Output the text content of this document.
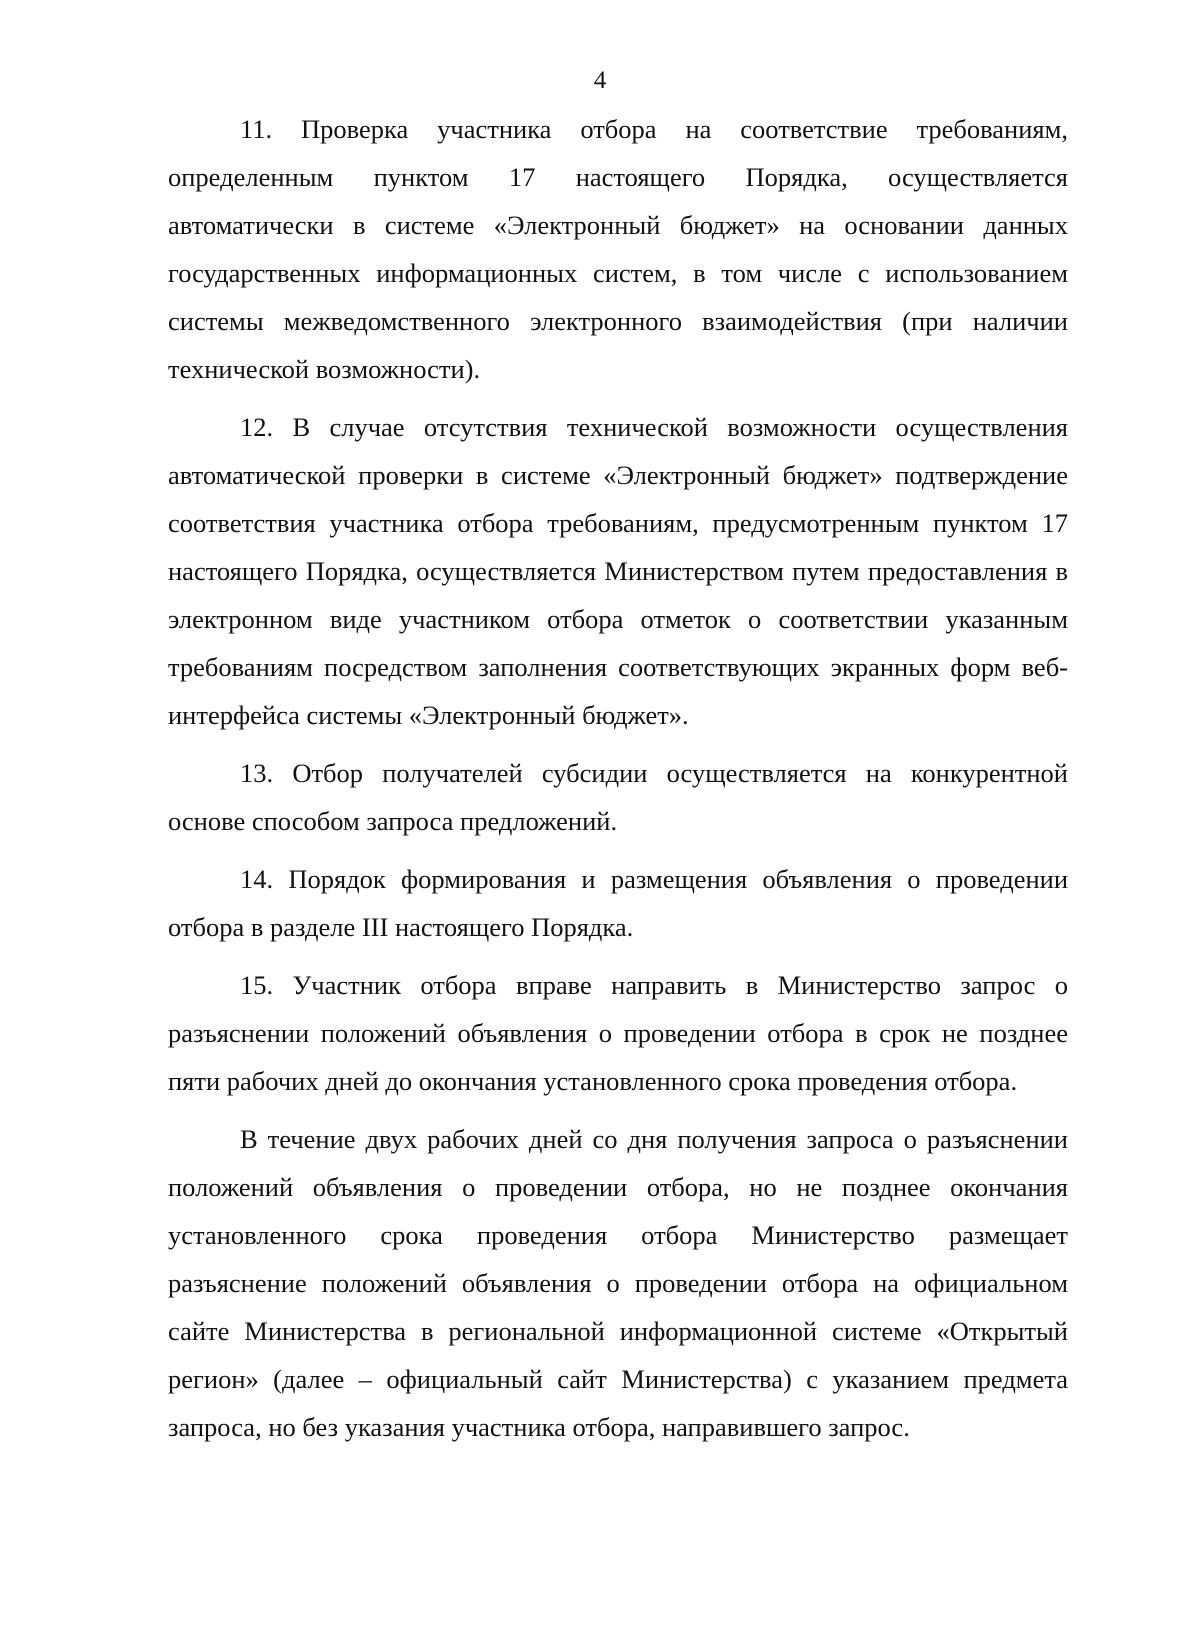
4

11. Проверка участника отбора на соответствие требованиям, определенным пунктом 17 настоящего Порядка, осуществляется автоматически в системе «Электронный бюджет» на основании данных государственных информационных систем, в том числе с использованием системы межведомственного электронного взаимодействия (при наличии технической возможности).

12. В случае отсутствия технической возможности осуществления автоматической проверки в системе «Электронный бюджет» подтверждение соответствия участника отбора требованиям, предусмотренным пунктом 17 настоящего Порядка, осуществляется Министерством путем предоставления в электронном виде участником отбора отметок о соответствии указанным требованиям посредством заполнения соответствующих экранных форм веб-интерфейса системы «Электронный бюджет».

13. Отбор получателей субсидии осуществляется на конкурентной основе способом запроса предложений.

14. Порядок формирования и размещения объявления о проведении отбора в разделе III настоящего Порядка.

15. Участник отбора вправе направить в Министерство запрос о разъяснении положений объявления о проведении отбора в срок не позднее пяти рабочих дней до окончания установленного срока проведения отбора.

В течение двух рабочих дней со дня получения запроса о разъяснении положений объявления о проведении отбора, но не позднее окончания установленного срока проведения отбора Министерство размещает разъяснение положений объявления о проведении отбора на официальном сайте Министерства в региональной информационной системе «Открытый регион» (далее – официальный сайт Министерства) с указанием предмета запроса, но без указания участника отбора, направившего запрос.
